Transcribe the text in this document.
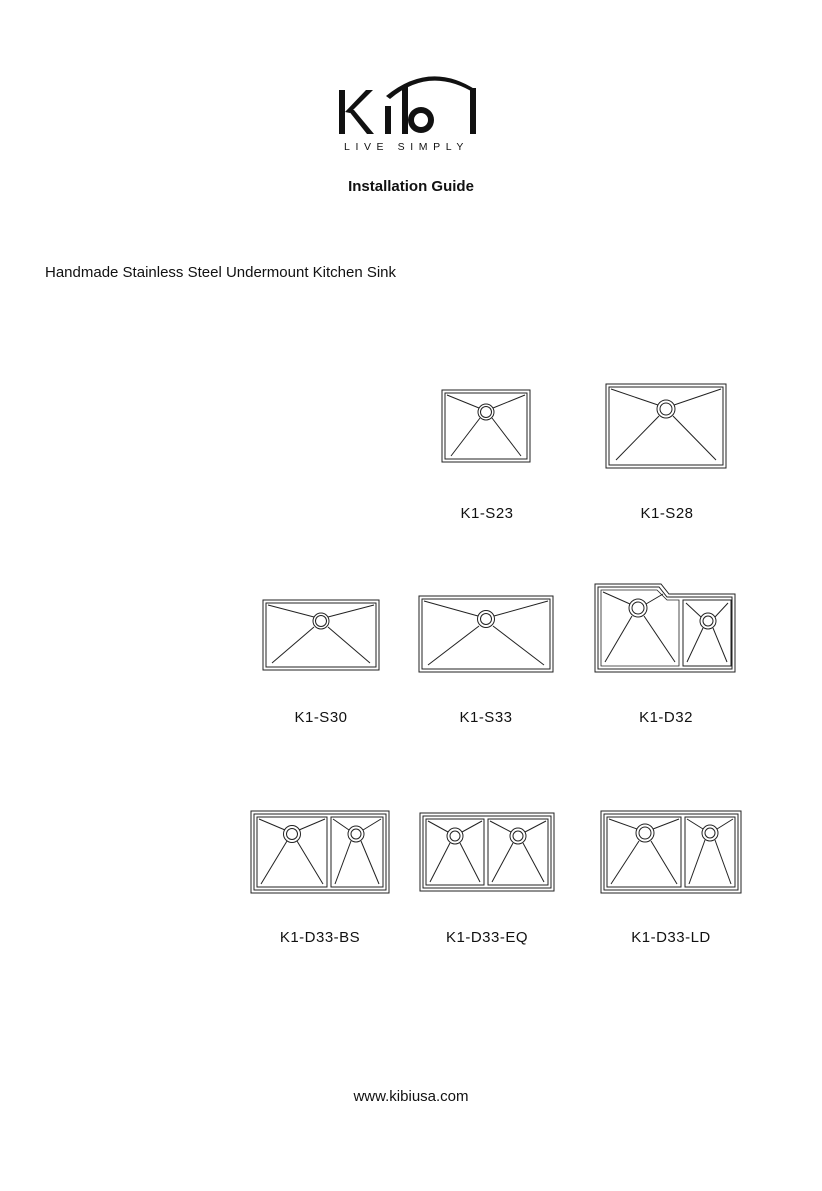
LIVE SIMPLY
Installation Guide
Handmade Stainless Steel Undermount Kitchen Sink
K1-S23	K1-S28
K1-S30	K1-S33	K1-D32
K1-D33-BS	K1-D33-EQ	K1-D33-LD
www.kibiusa.com
